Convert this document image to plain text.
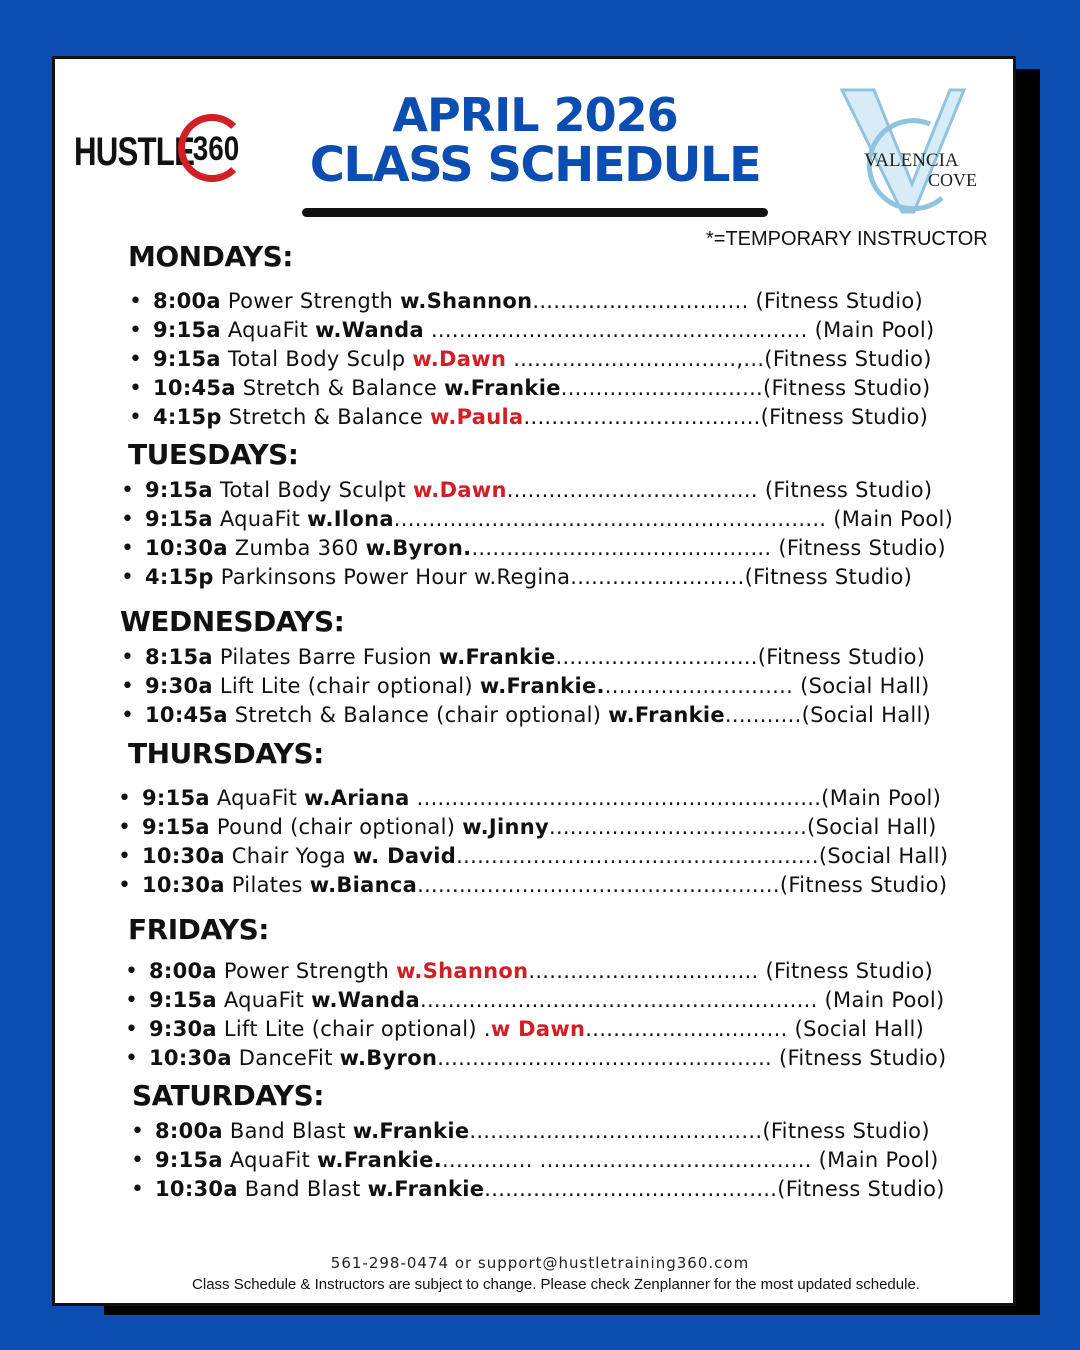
HUSTLE
360
APRIL 2026
CLASS SCHEDULE	VALENCIA
COVE
*=TEMPORARY INSTRUCTOR
MONDAYS:
• 8:00a Power Strength w.Shannon............................... (Fitness Studio)
• 9:15a AquaFit w.Wanda ...................................................... (Main Pool)
• 9:15a Total Body Sculp w.Dawn ................................,...(Fitness Studio)
• 10:45a Stretch & Balance w.Frankie.............................(Fitness Studio)
• 4:15p Stretch & Balance w.Paula..................................(Fitness Studio)
TUESDAYS:
• 9:15a Total Body Sculpt w.Dawn.................................... (Fitness Studio)
• 9:15a AquaFit w.Ilona.............................................................. (Main Pool)
• 10:30a Zumba 360 w.Byron............................................ (Fitness Studio)
• 4:15p Parkinsons Power Hour w.Regina.........................(Fitness Studio)
WEDNESDAYS:
• 8:15a Pilates Barre Fusion w.Frankie.............................(Fitness Studio)
• 9:30a Lift Lite (chair optional) w.Frankie............................ (Social Hall)
• 10:45a Stretch & Balance (chair optional) w.Frankie...........(Social Hall)
THURSDAYS:
• 9:15a AquaFit w.Ariana ..........................................................(Main Pool)
• 9:15a Pound (chair optional) w.Jinny.....................................(Social Hall)
• 10:30a Chair Yoga w. David....................................................(Social Hall)
• 10:30a Pilates w.Bianca....................................................(Fitness Studio)
FRIDAYS:
• 8:00a Power Strength w.Shannon................................. (Fitness Studio)
• 9:15a AquaFit w.Wanda......................................................... (Main Pool)
• 9:30a Lift Lite (chair optional) .w Dawn............................. (Social Hall)
• 10:30a DanceFit w.Byron................................................ (Fitness Studio)
SATURDAYS:
• 8:00a Band Blast w.Frankie..........................................(Fitness Studio)
• 9:15a AquaFit w.Frankie.............. ....................................... (Main Pool)
• 10:30a Band Blast w.Frankie..........................................(Fitness Studio)
561-298-0474 or support@hustletraining360.com
Class Schedule & Instructors are subject to change. Please check Zenplanner for the most updated schedule.
